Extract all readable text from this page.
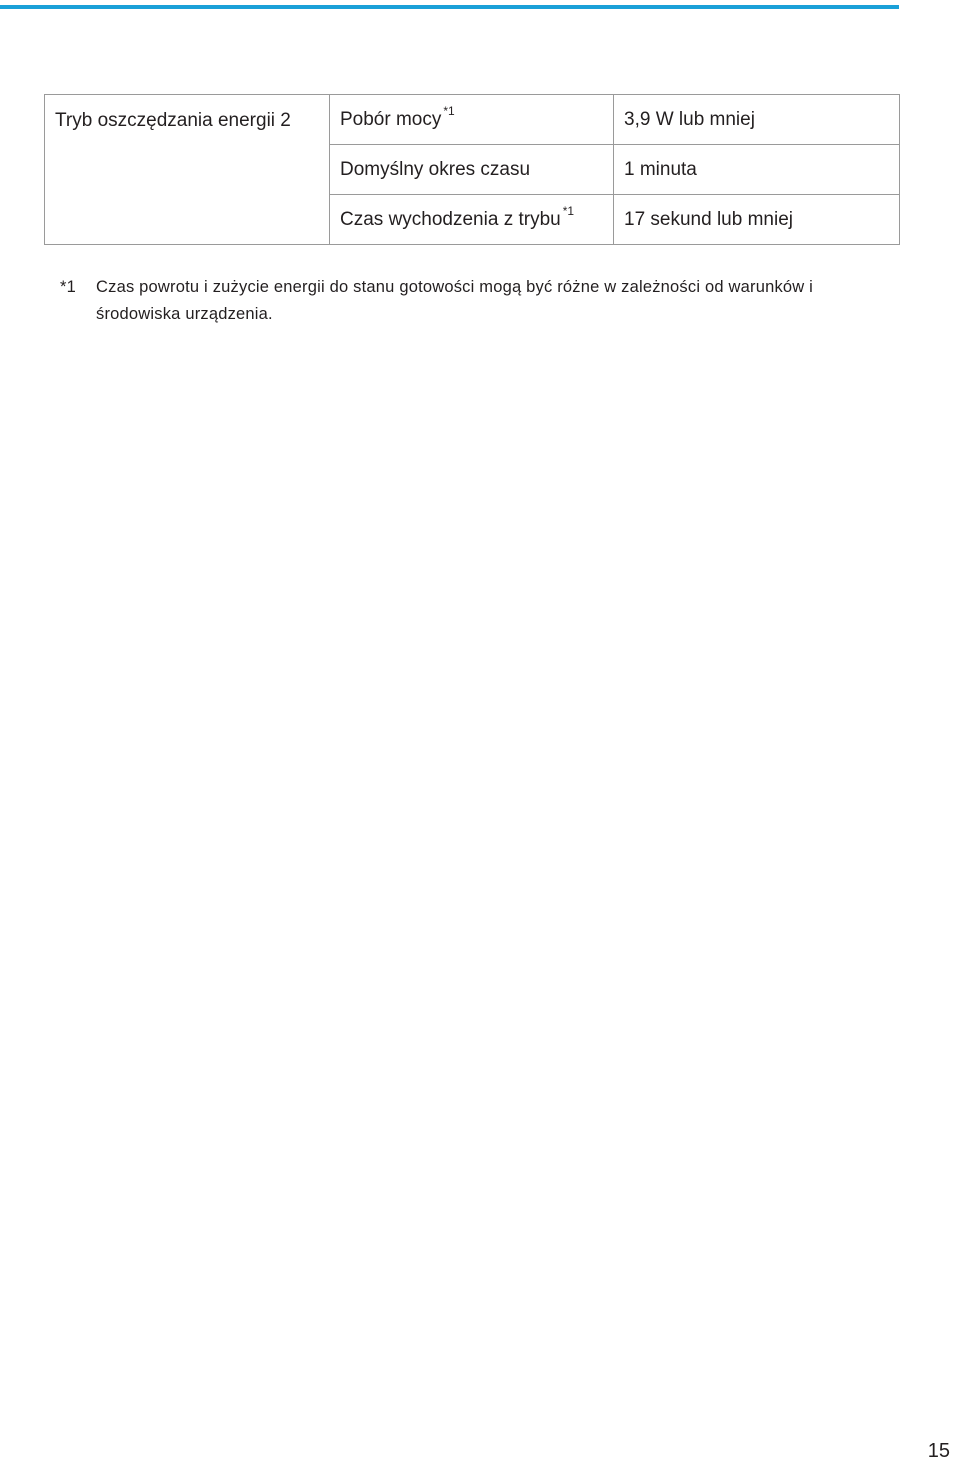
Tryb oszczędzania energii 2	Pobór mocy $^{*1}$	3,9 W lub mniej
	Domyślny okres czasu	1 minuta
	Czas wychodzenia z trybu $^{*1}$	17 sekund lub mniej
*1	Czas powrotu i zużycie energii do stanu gotowości mogą być różne w zależności od warunków i środowiska urządzenia.
15
